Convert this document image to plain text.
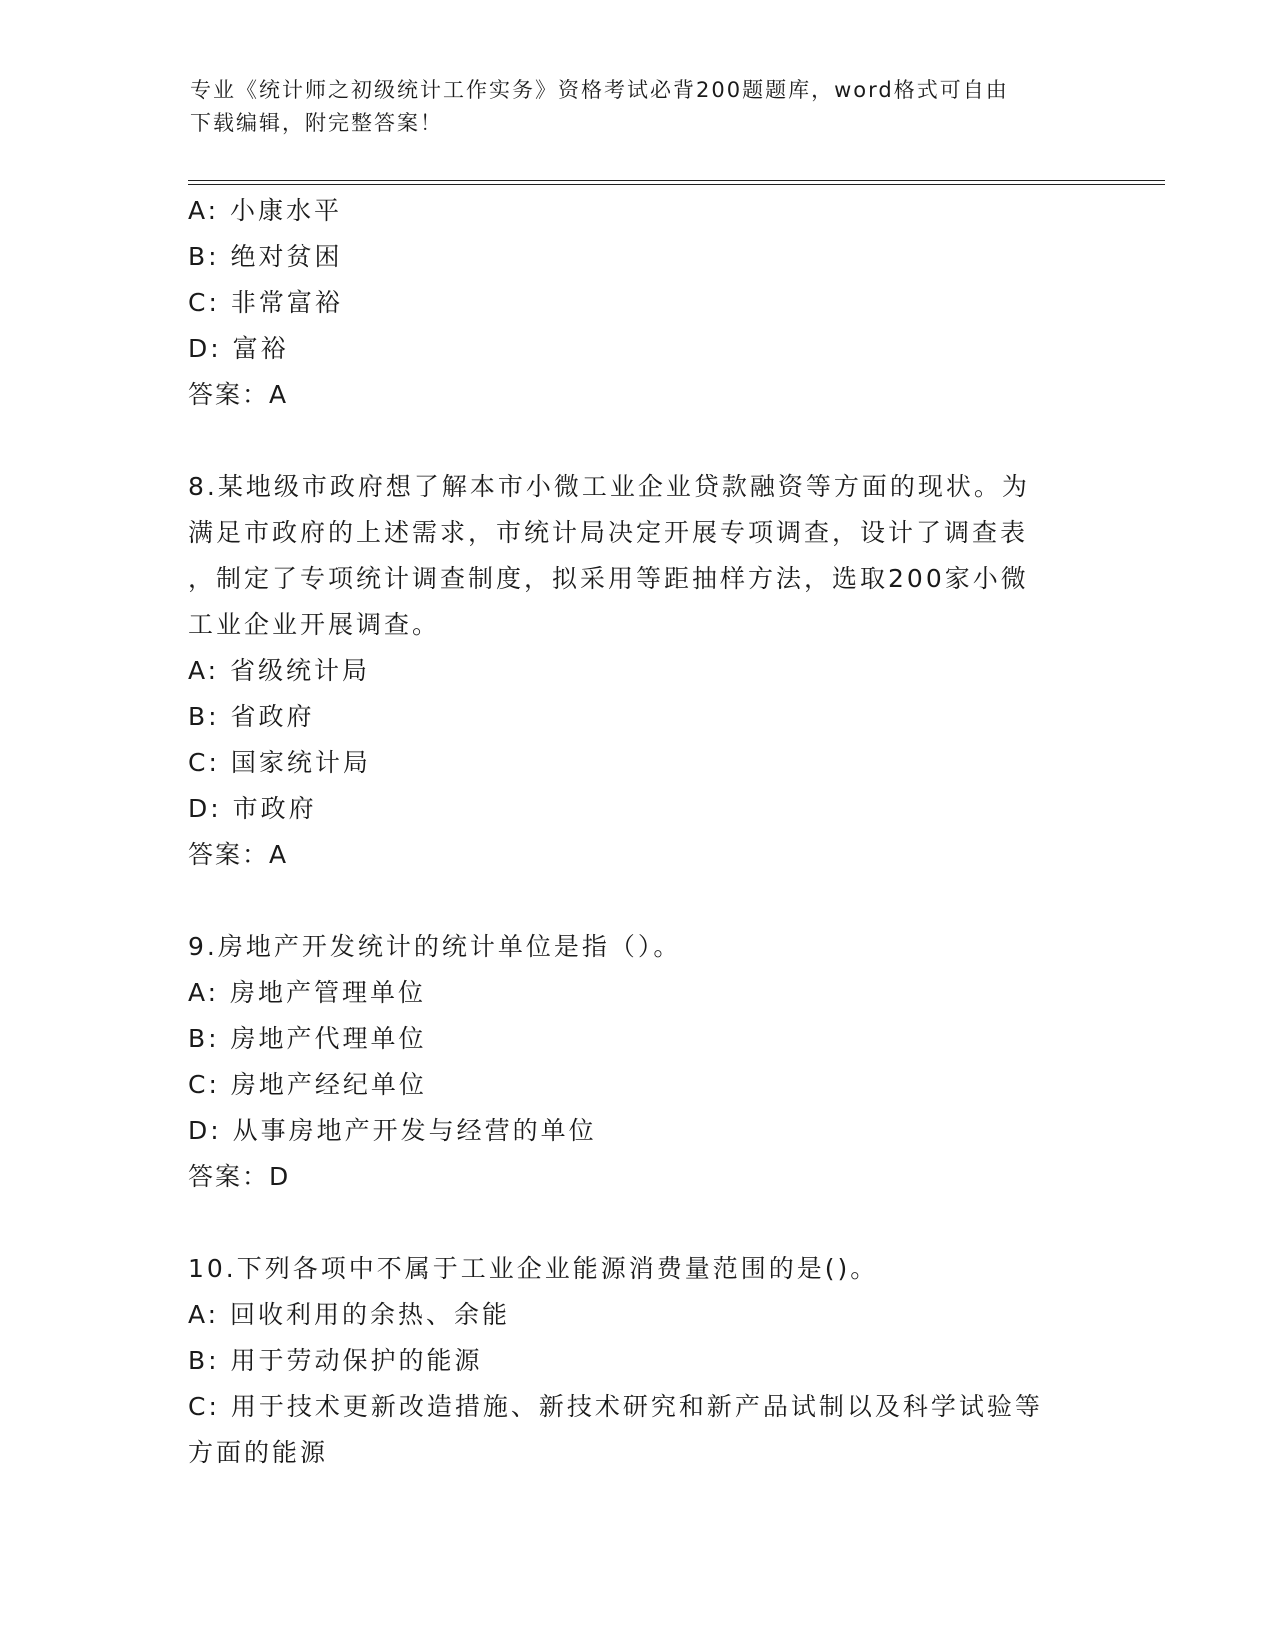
专业《统计师之初级统计工作实务》资格考试必背200题题库，word格式可自由
下载编辑，附完整答案！
A: 小康水平
B: 绝对贫困
C: 非常富裕
D: 富裕
答案：A
8.某地级市政府想了解本市小微工业企业贷款融资等方面的现状。为
满足市政府的上述需求，市统计局决定开展专项调查，设计了调查表
，制定了专项统计调查制度，拟采用等距抽样方法，选取200家小微
工业企业开展调查。
A: 省级统计局
B: 省政府
C: 国家统计局
D: 市政府
答案：A
9.房地产开发统计的统计单位是指（）。
A: 房地产管理单位
B: 房地产代理单位
C: 房地产经纪单位
D: 从事房地产开发与经营的单位
答案：D
10.下列各项中不属于工业企业能源消费量范围的是()。
A: 回收利用的余热、余能
B: 用于劳动保护的能源
C: 用于技术更新改造措施、新技术研究和新产品试制以及科学试验等
方面的能源
